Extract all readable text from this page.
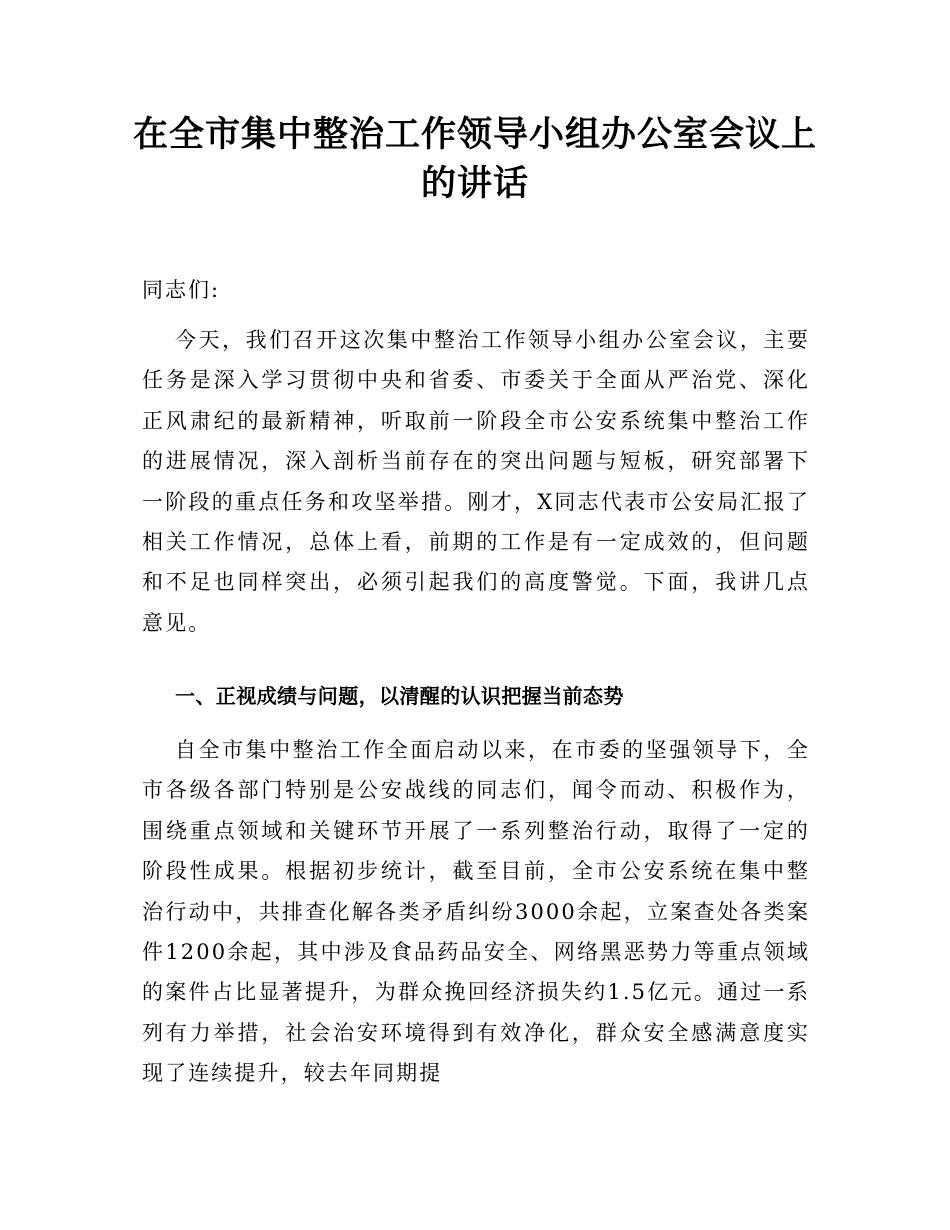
在全市集中整治工作领导小组办公室会议上的讲话
同志们:

今天，我们召开这次集中整治工作领导小组办公室会议，主要任务是深入学习贯彻中央和省委、市委关于全面从严治党、深化正风肃纪的最新精神，听取前一阶段全市公安系统集中整治工作的进展情况，深入剖析当前存在的突出问题与短板，研究部署下一阶段的重点任务和攻坚举措。刚才，X同志代表市公安局汇报了相关工作情况，总体上看，前期的工作是有一定成效的，但问题和不足也同样突出，必须引起我们的高度警觉。下面，我讲几点意见。

一、正视成绩与问题，以清醒的认识把握当前态势

自全市集中整治工作全面启动以来，在市委的坚强领导下，全市各级各部门特别是公安战线的同志们，闻令而动、积极作为，围绕重点领域和关键环节开展了一系列整治行动，取得了一定的阶段性成果。根据初步统计，截至目前，全市公安系统在集中整治行动中，共排查化解各类矛盾纠纷3000余起，立案查处各类案件1200余起，其中涉及食品药品安全、网络黑恶势力等重点领域的案件占比显著提升，为群众挽回经济损失约1.5亿元。通过一系列有力举措，社会治安环境得到有效净化，群众安全感满意度实现了连续提升，较去年同期提
